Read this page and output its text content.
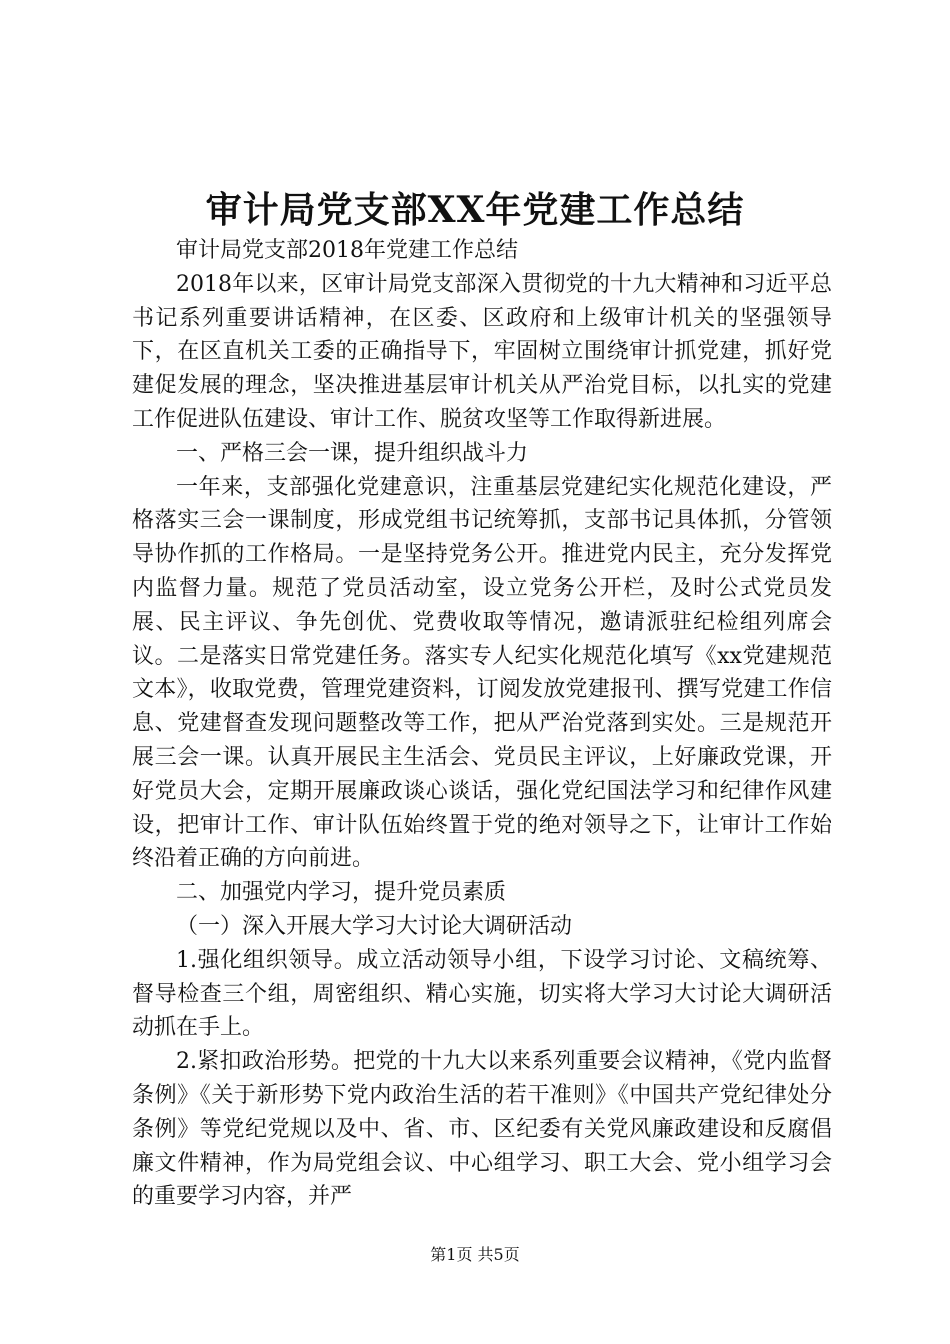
审计局党支部XX年党建工作总结

审计局党支部2018年党建工作总结

2018年以来，区审计局党支部深入贯彻党的十九大精神和习近平总书记系列重要讲话精神，在区委、区政府和上级审计机关的坚强领导下，在区直机关工委的正确指导下，牢固树立围绕审计抓党建，抓好党建促发展的理念，坚决推进基层审计机关从严治党目标，以扎实的党建工作促进队伍建设、审计工作、脱贫攻坚等工作取得新进展。

一、严格三会一课，提升组织战斗力

一年来，支部强化党建意识，注重基层党建纪实化规范化建设，严格落实三会一课制度，形成党组书记统筹抓，支部书记具体抓，分管领导协作抓的工作格局。一是坚持党务公开。推进党内民主，充分发挥党内监督力量。规范了党员活动室，设立党务公开栏，及时公式党员发展、民主评议、争先创优、党费收取等情况，邀请派驻纪检组列席会议。二是落实日常党建任务。落实专人纪实化规范化填写《xx党建规范文本》，收取党费，管理党建资料，订阅发放党建报刊、撰写党建工作信息、党建督查发现问题整改等工作，把从严治党落到实处。三是规范开展三会一课。认真开展民主生活会、党员民主评议，上好廉政党课，开好党员大会，定期开展廉政谈心谈话，强化党纪国法学习和纪律作风建设，把审计工作、审计队伍始终置于党的绝对领导之下，让审计工作始终沿着正确的方向前进。

二、加强党内学习，提升党员素质

（一）深入开展大学习大讨论大调研活动

1.强化组织领导。成立活动领导小组，下设学习讨论、文稿统筹、督导检查三个组，周密组织、精心实施，切实将大学习大讨论大调研活动抓在手上。

2.紧扣政治形势。把党的十九大以来系列重要会议精神，《党内监督条例》《关于新形势下党内政治生活的若干准则》《中国共产党纪律处分条例》等党纪党规以及中、省、市、区纪委有关党风廉政建设和反腐倡廉文件精神，作为局党组会议、中心组学习、职工大会、党小组学习会的重要学习内容，并严

第1页 共5页
